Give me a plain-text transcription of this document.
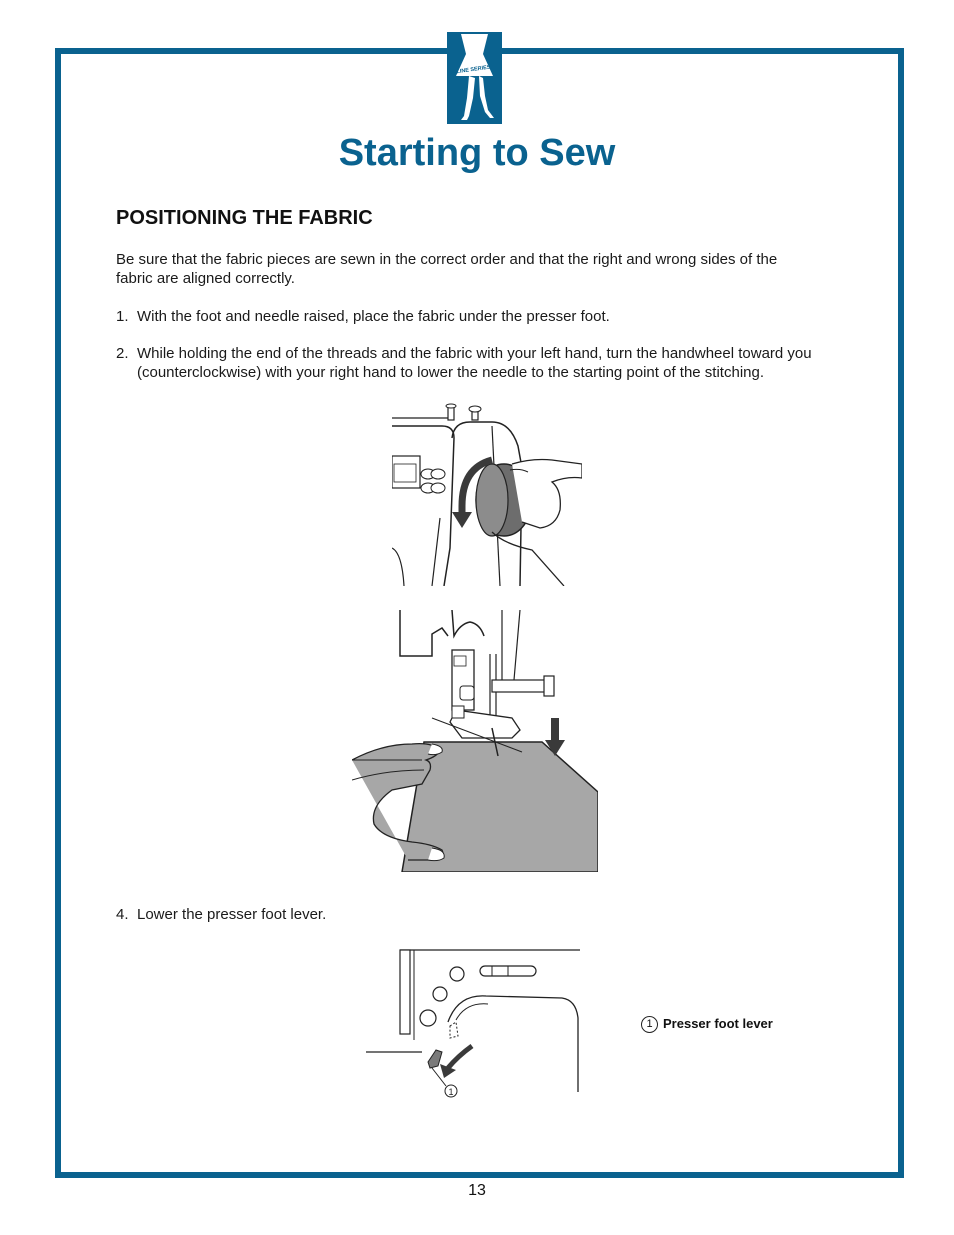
A-LINE SERIES
Starting to Sew
POSITIONING THE FABRIC
Be sure that the fabric pieces are sewn in the correct order and that the right and wrong sides of the
fabric are aligned correctly.
1. With the foot and needle raised, place the fabric under the presser foot.
2. While holding the end of the threads and the fabric with your left hand, turn the handwheel toward you
(counterclockwise) with your right hand to lower the needle to the starting point of the stitching.
4. Lower the presser foot lever.
1
1 Presser foot lever
13
